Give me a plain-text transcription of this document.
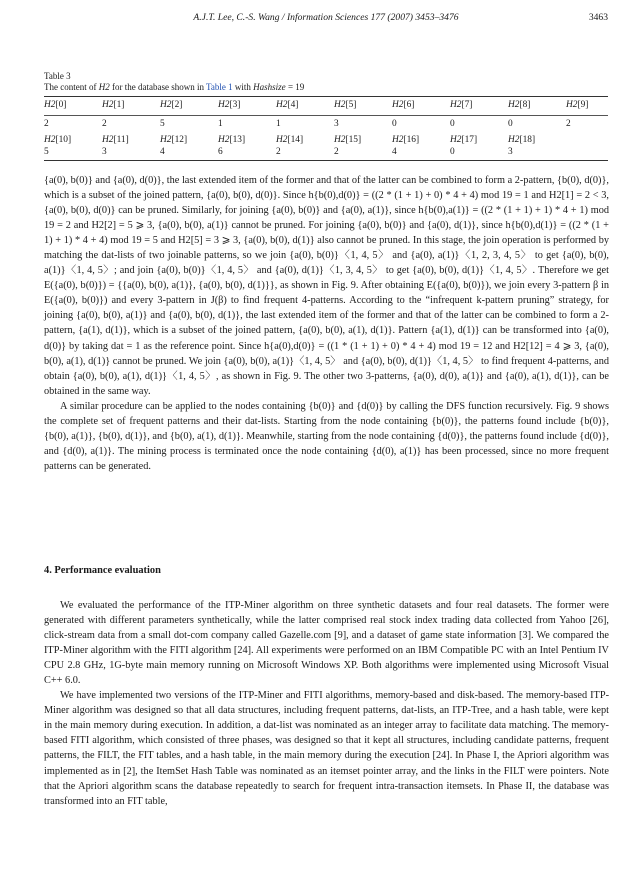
A.J.T. Lee, C.-S. Wang / Information Sciences 177 (2007) 3453–3476	3463
Table 3
The content of H2 for the database shown in Table 1 with Hashsize = 19
H2[0]
2
H2[1]
2
H2[2]
5
H2[3]
1
H2[4]
1
H2[5]
3
H2[6]
0
H2[7]
0
H2[8]
0
H2[9]
2
H2[10]
5
H2[11]
3
H2[12]
4
H2[13]
6
H2[14]
2
H2[15]
2
H2[16]
4
H2[17]
0
H2[18]
3

{a(0), b(0)} and {a(0), d(0)}, the last extended item of the former and that of the latter can be combined to form a 2-pattern, {b(0), d(0)}, which is a subset of the joined pattern, {a(0), b(0), d(0)}. Since h{b(0),d(0)} = ((2 * (1 + 1) + 0) * 4 + 4) mod 19 = 1 and H2[1] = 2 < 3, {a(0), b(0), d(0)} can be pruned. Similarly, for joining {a(0), b(0)} and {a(0), a(1)}, since h{b(0),a(1)} = ((2 * (1 + 1) + 1) * 4 + 1) mod 19 = 2 and H2[2] = 5 ⩾ 3, {a(0), b(0), a(1)} cannot be pruned. For joining {a(0), b(0)} and {a(0), d(1)}, since h{b(0),d(1)} = ((2 * (1 + 1) + 1) * 4 + 4) mod 19 = 5 and H2[5] = 3 ⩾ 3, {a(0), b(0), d(1)} also cannot be pruned. In this stage, the join operation is performed by matching the dat-lists of two joinable patterns, so we join {a(0), b(0)}〈1, 4, 5〉 and {a(0), a(1)}〈1, 2, 3, 4, 5〉 to get {a(0), b(0), a(1)}〈1, 4, 5〉; and join {a(0), b(0)}〈1, 4, 5〉 and {a(0), d(1)}〈1, 3, 4, 5〉 to get {a(0), b(0), d(1)}〈1, 4, 5〉. Therefore we get E({a(0), b(0)}) = {{a(0), b(0), a(1)}, {a(0), b(0), d(1)}}, as shown in Fig. 9. After obtaining E({a(0), b(0)}), we join every 3-pattern β in E({a(0), b(0)}) and every 3-pattern in J(β) to find frequent 4-patterns. According to the “infrequent k-pattern pruning” strategy, for joining {a(0), b(0), a(1)} and {a(0), b(0), d(1)}, the last extended item of the former and that of the latter can be combined to form a 2-pattern, {a(1), d(1)}, which is a subset of the joined pattern, {a(0), b(0), a(1), d(1)}. Pattern {a(1), d(1)} can be transformed into {a(0), d(0)} by taking dat = 1 as the reference point. Since h{a(0),d(0)} = ((1 * (1 + 1) + 0) * 4 + 4) mod 19 = 12 and H2[12] = 4 ⩾ 3, {a(0), b(0), a(1), d(1)} cannot be pruned. We join {a(0), b(0), a(1)}〈1, 4, 5〉 and {a(0), b(0), d(1)}〈1, 4, 5〉 to find frequent 4-patterns, and obtain {a(0), b(0), a(1), d(1)}〈1, 4, 5〉, as shown in Fig. 9. The other two 3-patterns, {a(0), d(0), a(1)} and {a(0), a(1), d(1)}, can be obtained in the same way.

A similar procedure can be applied to the nodes containing {b(0)} and {d(0)} by calling the DFS function recursively. Fig. 9 shows the complete set of frequent patterns and their dat-lists. Starting from the node containing {b(0)}, the patterns found include {b(0)}, {b(0), a(1)}, {b(0), d(1)}, and {b(0), a(1), d(1)}. Meanwhile, starting from the node containing {d(0)}, the patterns found include {d(0)}, and {d(0), a(1)}. The mining process is terminated once the node containing {d(0), a(1)} has been processed, since no more frequent patterns can be generated.

4. Performance evaluation

We evaluated the performance of the ITP-Miner algorithm on three synthetic datasets and four real datasets. The former were generated with different parameters synthetically, while the latter comprised real stock index trading data collected from Yahoo [26], click-stream data from a small dot-com company called Gazelle.com [9], and a dataset of game state information [3]. We compared the ITP-Miner algorithm with the FITI algorithm [24]. All experiments were performed on an IBM Compatible PC with an Intel Pentium IV CPU 2.8 GHz, 1G-byte main memory running on Microsoft Windows XP. Both algorithms were implemented using Microsoft Visual C++ 6.0.

We have implemented two versions of the ITP-Miner and FITI algorithms, memory-based and disk-based. The memory-based ITP-Miner algorithm was designed so that all data structures, including frequent patterns, dat-lists, an ITP-Tree, and a hash table, were kept in the main memory during execution. In addition, a dat-list was nominated as an integer array to facilitate data matching. The memory-based FITI algorithm, which consisted of three phases, was designed so that it kept all structures, including candidate patterns, frequent patterns, the FILT, the FIT tables, and a hash table, in the main memory during the execution [24]. In Phase I, the Apriori algorithm was implemented as in [2], the ItemSet Hash Table was nominated as an itemset pointer array, and the links in the FILT were pointers. Note that the Apriori algorithm scans the database repeatedly to search for frequent intra-transaction itemsets. In Phase II, the database was transformed into an FIT table,
